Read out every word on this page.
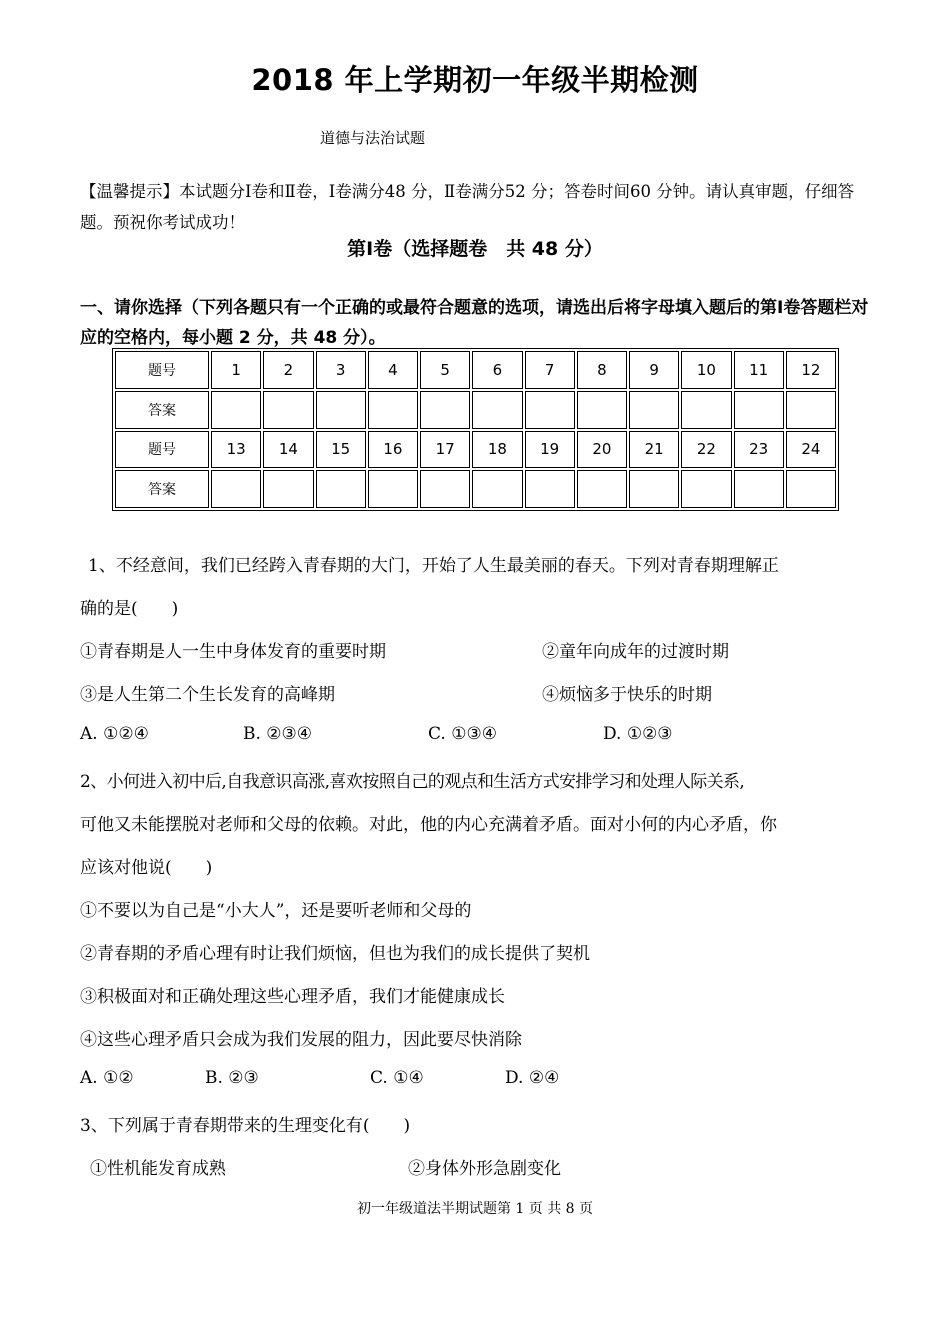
2018 年上学期初一年级半期检测
道德与法治试题
【温馨提示】本试题分Ⅰ卷和Ⅱ卷，Ⅰ卷满分48 分，Ⅱ卷满分52 分；答卷时间60 分钟。请认真审题，仔细答题。预祝你考试成功！
第Ⅰ卷（选择题卷　共 48 分）
一、请你选择（下列各题只有一个正确的或最符合题意的选项，请选出后将字母填入题后的第Ⅰ卷答题栏对应的空格内，每小题 2 分，共 48 分）。
题号	1	2	3	4	5	6	7	8	9	10	11	12
答案												
题号	13	14	15	16	17	18	19	20	21	22	23	24
答案												
1、不经意间，我们已经跨入青春期的大门，开始了人生最美丽的春天。下列对青春期理解正
确的是(　　)
①青春期是人一生中身体发育的重要时期	②童年向成年的过渡时期
③是人生第二个生长发育的高峰期	④烦恼多于快乐的时期
A. ①②④	B. ②③④	C. ①③④	D. ①②③
2、小何进入初中后,自我意识高涨,喜欢按照自己的观点和生活方式安排学习和处理人际关系,
可他又未能摆脱对老师和父母的依赖。对此，他的内心充满着矛盾。面对小何的内心矛盾，你
应该对他说(　　)
①不要以为自己是“小大人”，还是要听老师和父母的
②青春期的矛盾心理有时让我们烦恼，但也为我们的成长提供了契机
③积极面对和正确处理这些心理矛盾，我们才能健康成长
④这些心理矛盾只会成为我们发展的阻力，因此要尽快消除
A. ①②	B. ②③	C. ①④	D. ②④
3、下列属于青春期带来的生理变化有(　　)
①性机能发育成熟	②身体外形急剧变化
初一年级道法半期试题第 1 页 共 8 页
